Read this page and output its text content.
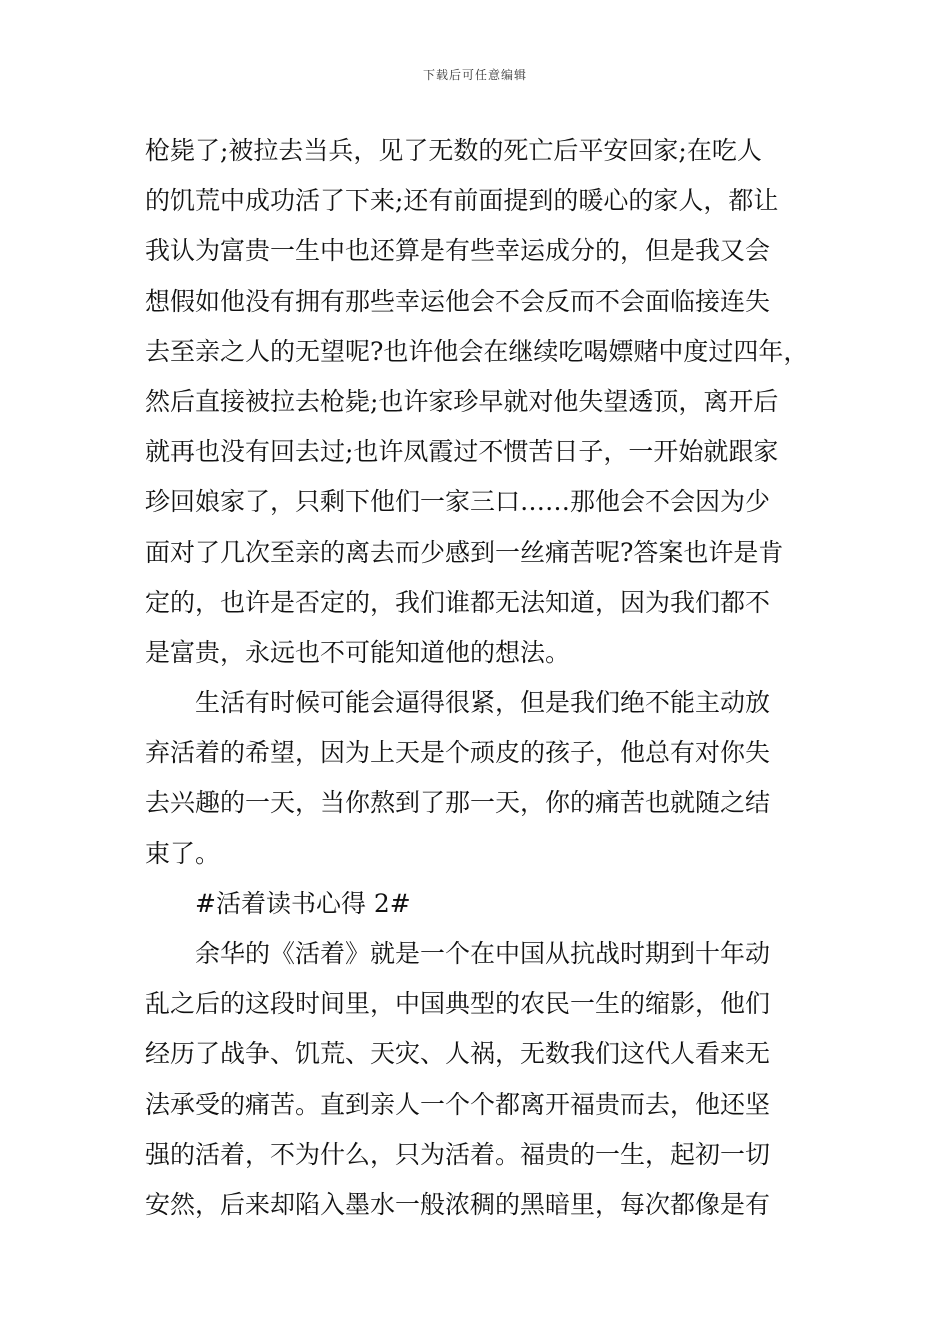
下载后可任意编辑
枪毙了;被拉去当兵，见了无数的死亡后平安回家;在吃人
的饥荒中成功活了下来;还有前面提到的暖心的家人，都让
我认为富贵一生中也还算是有些幸运成分的，但是我又会
想假如他没有拥有那些幸运他会不会反而不会面临接连失
去至亲之人的无望呢?也许他会在继续吃喝嫖赌中度过四年，
然后直接被拉去枪毙;也许家珍早就对他失望透顶，离开后
就再也没有回去过;也许凤霞过不惯苦日子，一开始就跟家
珍回娘家了，只剩下他们一家三口……那他会不会因为少
面对了几次至亲的离去而少感到一丝痛苦呢?答案也许是肯
定的，也许是否定的，我们谁都无法知道，因为我们都不
是富贵，永远也不可能知道他的想法。
生活有时候可能会逼得很紧，但是我们绝不能主动放
弃活着的希望，因为上天是个顽皮的孩子，他总有对你失
去兴趣的一天，当你熬到了那一天，你的痛苦也就随之结
束了。
#活着读书心得 2#
余华的《活着》就是一个在中国从抗战时期到十年动
乱之后的这段时间里，中国典型的农民一生的缩影，他们
经历了战争、饥荒、天灾、人祸，无数我们这代人看来无
法承受的痛苦。直到亲人一个个都离开福贵而去，他还坚
强的活着，不为什么，只为活着。福贵的一生，起初一切
安然，后来却陷入墨水一般浓稠的黑暗里，每次都像是有
